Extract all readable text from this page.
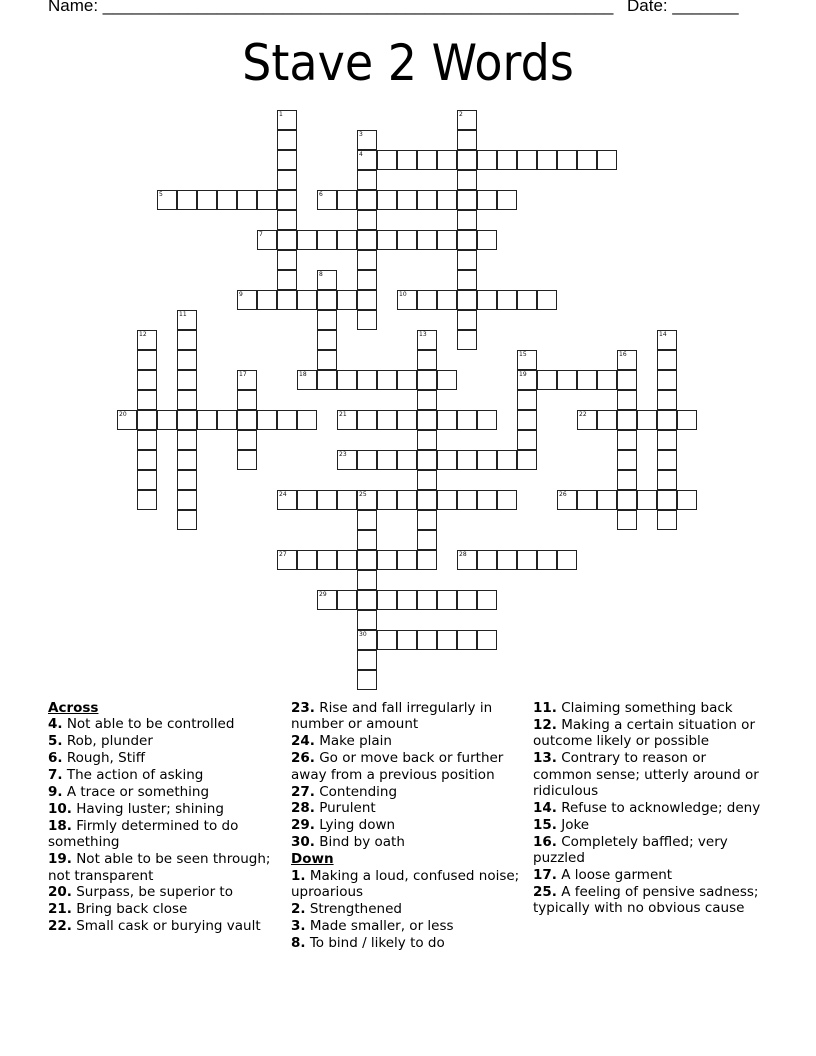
Name: ______________________________________________________ Date: _______
Stave 2 Words
1	2
3
4
5	6
7
8
9	10
11
12	13	14
15
19
16
17	18
20	21	22
23
24	25
30
26
27	28
29
Across
4. Not able to be controlled
5. Rob, plunder
6. Rough, Stiff
7. The action of asking
9. A trace or something
10. Having luster; shining
18. Firmly determined to do something
19. Not able to be seen through; not transparent
20. Surpass, be superior to
21. Bring back close
22. Small cask or burying vault
23. Rise and fall irregularly in number or amount
24. Make plain
26. Go or move back or further away from a previous position
27. Contending
28. Purulent
29. Lying down
30. Bind by oath
Down
1. Making a loud, confused noise; uproarious
2. Strengthened
3. Made smaller, or less
8. To bind / likely to do
11. Claiming something back
12. Making a certain situation or outcome likely or possible
13. Contrary to reason or common sense; utterly around or ridiculous
14. Refuse to acknowledge; deny
15. Joke
16. Completely baffled; very puzzled
17. A loose garment
25. A feeling of pensive sadness; typically with no obvious cause
